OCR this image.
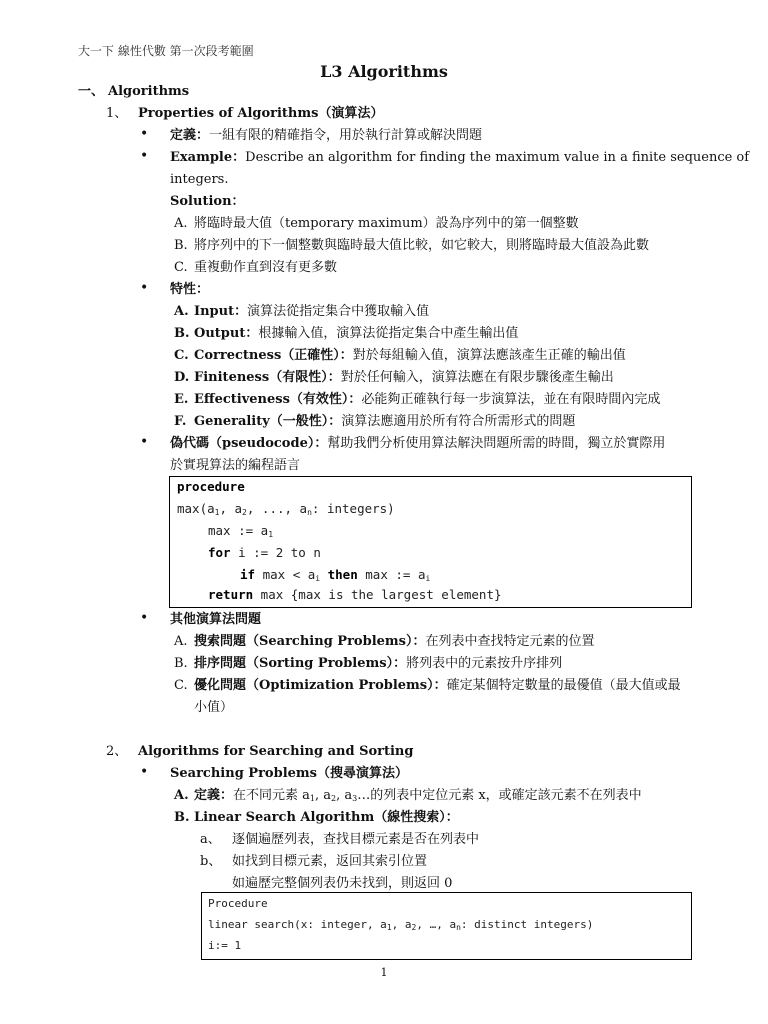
大一下 線性代數 第一次段考範圍
L3 Algorithms
一、 Algorithms
1、 Properties of Algorithms（演算法）
• 定義：一組有限的精確指令，用於執行計算或解決問題
• Example：Describe an algorithm for finding the maximum value in a finite sequence of
integers.
Solution：
A. 將臨時最大值（temporary maximum）設為序列中的第一個整數
B. 將序列中的下一個整數與臨時最大值比較，如它較大，則將臨時最大值設為此數
C. 重複動作直到沒有更多數
• 特性：
A. Input：演算法從指定集合中獲取輸入值
B. Output：根據輸入值，演算法從指定集合中產生輸出值
C. Correctness（正確性）：對於每組輸入值，演算法應該產生正確的輸出值
D. Finiteness（有限性）：對於任何輸入，演算法應在有限步驟後產生輸出
E. Effectiveness（有效性）：必能夠正確執行每一步演算法，並在有限時間內完成
F. Generality（一般性）：演算法應適用於所有符合所需形式的問題
• 偽代碼（pseudocode）：幫助我們分析使用算法解決問題所需的時間，獨立於實際用
於實現算法的編程語言
procedure
$\max(a_1$, $a_2$, ..., $a_n$: integers)
max := $a_1$
for i := 2 to n
if $\max < a_i$ then max := $a_i$
return max {max is the largest element}
• 其他演算法問題
A. 搜索問題（Searching Problems）：在列表中查找特定元素的位置
B. 排序問題（Sorting Problems）：將列表中的元素按升序排列
C. 優化問題（Optimization Problems）：確定某個特定數量的最優值（最大值或最
小值）
2、 Algorithms for Searching and Sorting
• Searching Problems（搜尋演算法）
A. 定義：在不同元素 $a_1$, $a_2$, $a_3\dots$的列表中定位元素 x，或確定該元素不在列表中
B. Linear Search Algorithm（線性搜索）：
a、 逐個遍歷列表，查找目標元素是否在列表中
b、 如找到目標元素，返回其索引位置
如遍歷完整個列表仍未找到，則返回 0
Procedure
linear search(x: integer, $a_1$, $a_2$, …, $a_n$: distinct integers)
i:= 1
1
